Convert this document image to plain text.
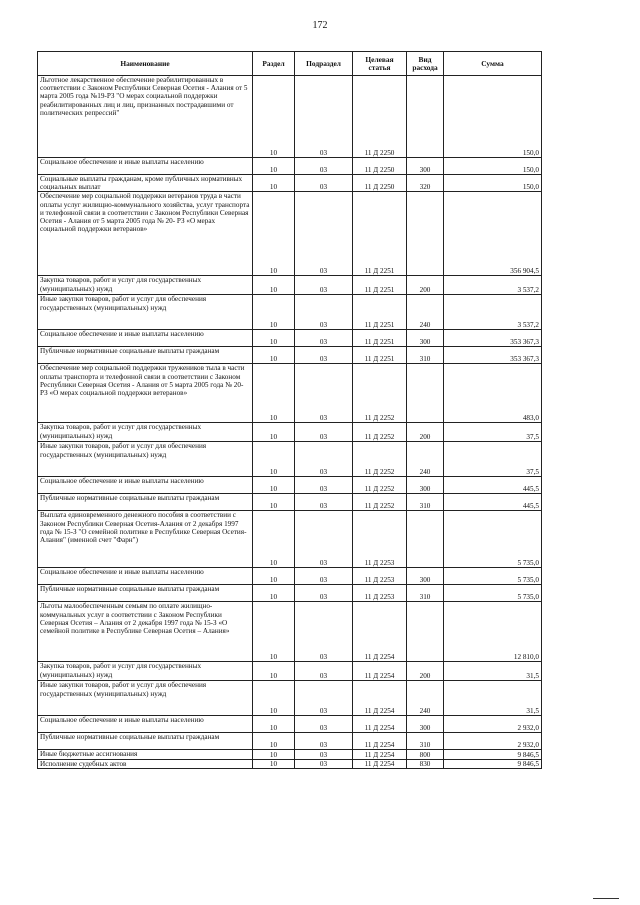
172
Наименование	Раздел	Подраздел	Целевая статья	Вид расхода	Сумма
Льготное лекарственное обеспечение реабилитированных в соответствии с Законом Республики Северная Осетия - Алания от 5 марта 2005 года №19-РЗ "О мерах социальной поддержки реабилитированных лиц и лиц, признанных пострадавшими от политических репрессий"	10	03	11 Д 2250		150,0
Социальное обеспечение и иные выплаты населению	10	03	11 Д 2250	300	150,0
Социальные выплаты гражданам, кроме публичных нормативных социальных выплат	10	03	11 Д 2250	320	150,0
Обеспечение мер социальной поддержки ветеранов труда в части оплаты услуг жилищно-коммунального хозяйства, услуг транспорта и телефонной связи в соответствии с Законом Республики Северная Осетия - Алания от 5 марта 2005 года № 20- РЗ «О мерах социальной поддержки ветеранов»	10	03	11 Д 2251		356 904,5
Закупка товаров, работ и услуг для государственных (муниципальных) нужд	10	03	11 Д 2251	200	3 537,2
Иные закупки товаров, работ и услуг для обеспечения государственных (муниципальных) нужд	10	03	11 Д 2251	240	3 537,2
Социальное обеспечение и иные выплаты населению	10	03	11 Д 2251	300	353 367,3
Публичные нормативные социальные выплаты гражданам	10	03	11 Д 2251	310	353 367,3
Обеспечение мер социальной поддержки тружеников тыла в части оплаты транспорта и телефонной связи в соответствии с Законом Республики Северная Осетия - Алания от 5 марта 2005 года № 20-РЗ «О мерах социальной поддержки ветеранов»	10	03	11 Д 2252		483,0
Закупка товаров, работ и услуг для государственных (муниципальных) нужд	10	03	11 Д 2252	200	37,5
Иные закупки товаров, работ и услуг для обеспечения государственных (муниципальных) нужд	10	03	11 Д 2252	240	37,5
Социальное обеспечение и иные выплаты населению	10	03	11 Д 2252	300	445,5
Публичные нормативные социальные выплаты гражданам	10	03	11 Д 2252	310	445,5
Выплата единовременного денежного пособия в соответствии с Законом Республики Северная Осетия-Алания от 2 декабря 1997 года № 15-З "О семейной политике в Республике Северная Осетия-Алания" (именной счет "Фарн")	10	03	11 Д 2253		5 735,0
Социальное обеспечение и иные выплаты населению	10	03	11 Д 2253	300	5 735,0
Публичные нормативные социальные выплаты гражданам	10	03	11 Д 2253	310	5 735,0
Льготы малообеспеченным семьям по оплате жилищно-коммунальных услуг в соответствии с Законом Республики Северная Осетия – Алания от 2 декабря 1997 года № 15-З «О семейной политике в Республике Северная Осетия – Алания»	10	03	11 Д 2254		12 810,0
Закупка товаров, работ и услуг для государственных (муниципальных) нужд	10	03	11 Д 2254	200	31,5
Иные закупки товаров, работ и услуг для обеспечения государственных (муниципальных) нужд	10	03	11 Д 2254	240	31,5
Социальное обеспечение и иные выплаты населению	10	03	11 Д 2254	300	2 932,0
Публичные нормативные социальные выплаты гражданам	10	03	11 Д 2254	310	2 932,0
Иные бюджетные ассигнования	10	03	11 Д 2254	800	9 846,5
Исполнение судебных актов	10	03	11 Д 2254	830	9 846,5
